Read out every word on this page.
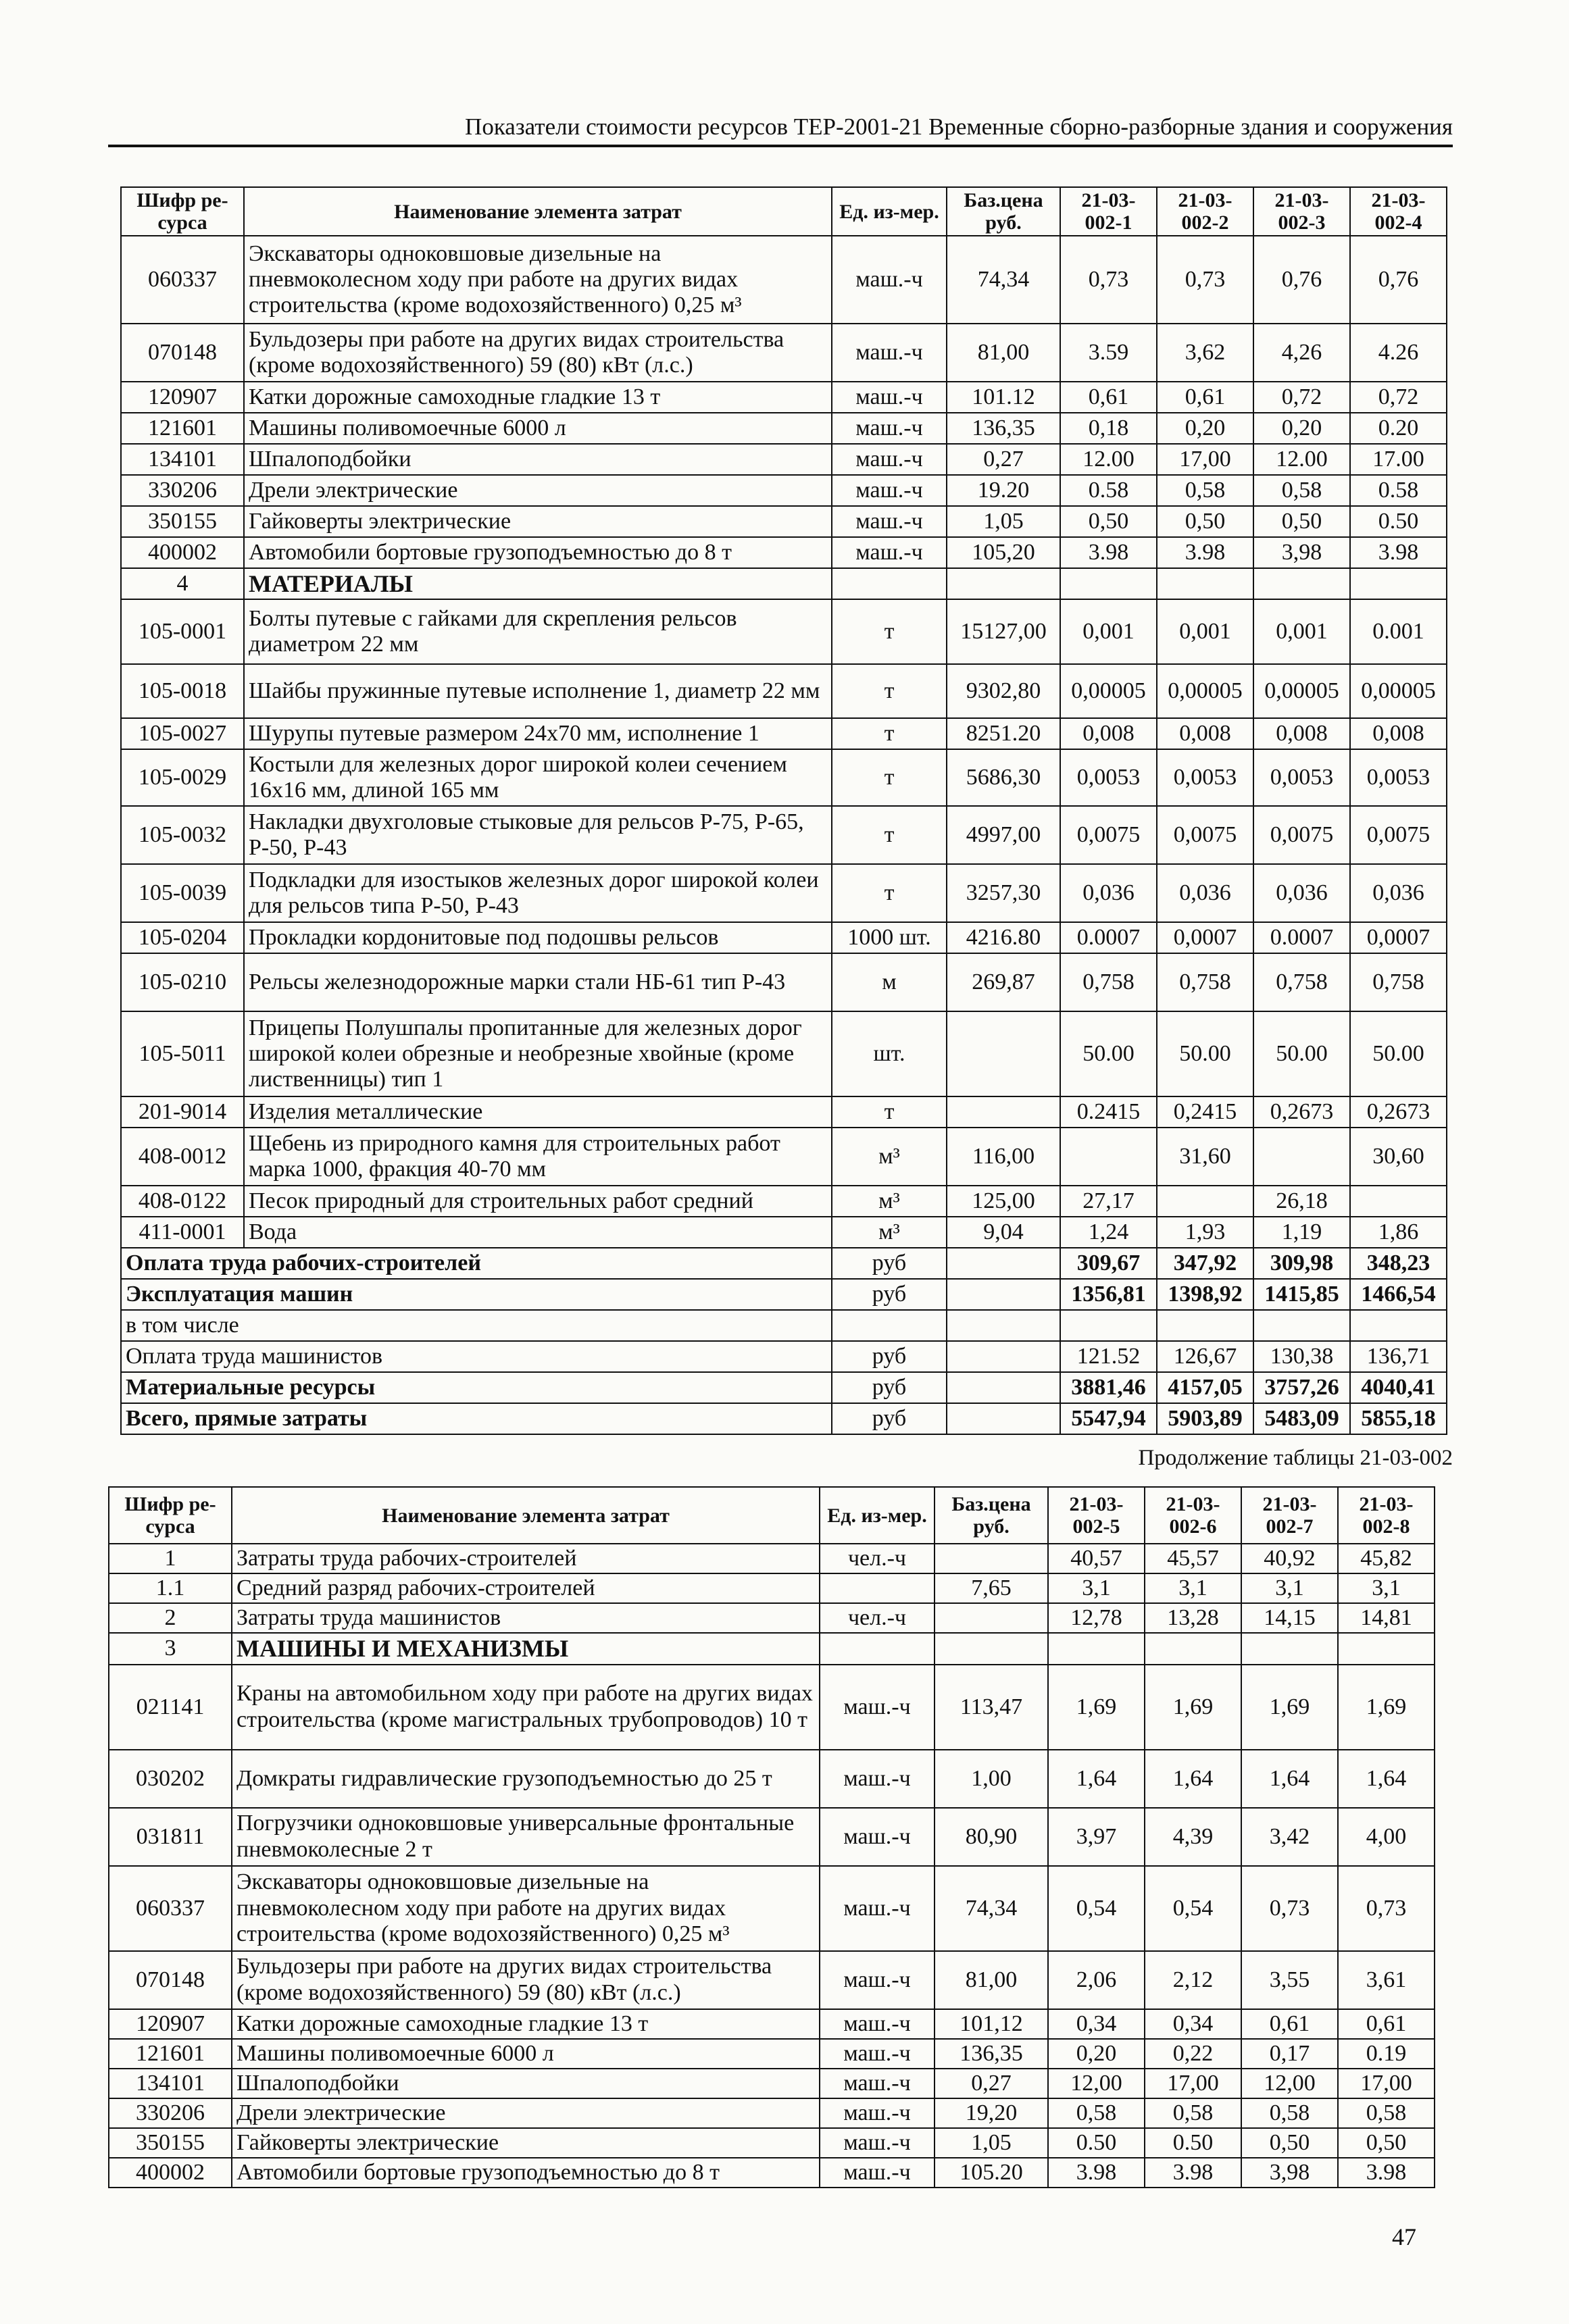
Показатели стоимости ресурсов ТЕР-2001-21 Временные сборно-разборные здания и сооружения
Шифр ре-сурса	Наименование элемента затрат	Ед. из-мер.	Баз.цена руб.	21-03-002-1	21-03-002-2	21-03-002-3	21-03-002-4
060337	Экскаваторы одноковшовые дизельные на пневмоколесном ходу при работе на других видах строительства (кроме водохозяйственного) 0,25 м³	маш.-ч	74,34	0,73	0,73	0,76	0,76
070148	Бульдозеры при работе на других видах строительства (кроме водохозяйственного) 59 (80) кВт (л.с.)	маш.-ч	81,00	3.59	3,62	4,26	4.26
120907	Катки дорожные самоходные гладкие 13 т	маш.-ч	101.12	0,61	0,61	0,72	0,72
121601	Машины поливомоечные 6000 л	маш.-ч	136,35	0,18	0,20	0,20	0.20
134101	Шпалоподбойки	маш.-ч	0,27	12.00	17,00	12.00	17.00
330206	Дрели электрические	маш.-ч	19.20	0.58	0,58	0,58	0.58
350155	Гайковерты электрические	маш.-ч	1,05	0,50	0,50	0,50	0.50
400002	Автомобили бортовые грузоподъемностью до 8 т	маш.-ч	105,20	3.98	3.98	3,98	3.98
4	МАТЕРИАЛЫ						
105-0001	Болты путевые с гайками для скрепления рельсов диаметром 22 мм	т	15127,00	0,001	0,001	0,001	0.001
105-0018	Шайбы пружинные путевые исполнение 1, диаметр 22 мм	т	9302,80	0,00005	0,00005	0,00005	0,00005
105-0027	Шурупы путевые размером 24х70 мм, исполнение 1	т	8251.20	0,008	0,008	0,008	0,008
105-0029	Костыли для железных дорог широкой колеи сечением 16х16 мм, длиной 165 мм	т	5686,30	0,0053	0,0053	0,0053	0,0053
105-0032	Накладки двухголовые стыковые для рельсов Р-75, Р-65, Р-50, Р-43	т	4997,00	0,0075	0,0075	0,0075	0,0075
105-0039	Подкладки для изостыков железных дорог широкой колеи для рельсов типа Р-50, Р-43	т	3257,30	0,036	0,036	0,036	0,036
105-0204	Прокладки кордонитовые под подошвы рельсов	1000 шт.	4216.80	0.0007	0,0007	0.0007	0,0007
105-0210	Рельсы железнодорожные марки стали НБ-61 тип Р-43	м	269,87	0,758	0,758	0,758	0,758
105-5011	Прицепы Полушпалы пропитанные для железных дорог широкой колеи обрезные и необрезные хвойные (кроме лиственницы) тип 1	шт.		50.00	50.00	50.00	50.00
201-9014	Изделия металлические	т		0.2415	0,2415	0,2673	0,2673
408-0012	Щебень из природного камня для строительных работ марка 1000, фракция 40-70 мм	м³	116,00		31,60		30,60
408-0122	Песок природный для строительных работ средний	м³	125,00	27,17		26,18	
411-0001	Вода	м³	9,04	1,24	1,93	1,19	1,86
Оплата труда рабочих-строителей		руб		309,67	347,92	309,98	348,23
Эксплуатация машин		руб		1356,81	1398,92	1415,85	1466,54
в том числе							
Оплата труда машинистов		руб		121.52	126,67	130,38	136,71
Материальные ресурсы		руб		3881,46	4157,05	3757,26	4040,41
Всего, прямые затраты		руб		5547,94	5903,89	5483,09	5855,18
Продолжение таблицы 21-03-002
Шифр ре-сурса	Наименование элемента затрат	Ед. из-мер.	Баз.цена руб.	21-03-002-5	21-03-002-6	21-03-002-7	21-03-002-8
1	Затраты труда рабочих-строителей	чел.-ч		40,57	45,57	40,92	45,82
1.1	Средний разряд рабочих-строителей		7,65	3,1	3,1	3,1	3,1
2	Затраты труда машинистов	чел.-ч		12,78	13,28	14,15	14,81
3	МАШИНЫ И МЕХАНИЗМЫ						
021141	Краны на автомобильном ходу при работе на других видах строительства (кроме магистральных трубопроводов) 10 т	маш.-ч	113,47	1,69	1,69	1,69	1,69
030202	Домкраты гидравлические грузоподъемностью до 25 т	маш.-ч	1,00	1,64	1,64	1,64	1,64
031811	Погрузчики одноковшовые универсальные фронтальные пневмоколесные 2 т	маш.-ч	80,90	3,97	4,39	3,42	4,00
060337	Экскаваторы одноковшовые дизельные на пневмоколесном ходу при работе на других видах строительства (кроме водохозяйственного) 0,25 м³	маш.-ч	74,34	0,54	0,54	0,73	0,73
070148	Бульдозеры при работе на других видах строительства (кроме водохозяйственного) 59 (80) кВт (л.с.)	маш.-ч	81,00	2,06	2,12	3,55	3,61
120907	Катки дорожные самоходные гладкие 13 т	маш.-ч	101,12	0,34	0,34	0,61	0,61
121601	Машины поливомоечные 6000 л	маш.-ч	136,35	0,20	0,22	0,17	0.19
134101	Шпалоподбойки	маш.-ч	0,27	12,00	17,00	12,00	17,00
330206	Дрели электрические	маш.-ч	19,20	0,58	0,58	0,58	0,58
350155	Гайковерты электрические	маш.-ч	1,05	0.50	0.50	0,50	0,50
400002	Автомобили бортовые грузоподъемностью до 8 т	маш.-ч	105.20	3.98	3.98	3,98	3.98
47
